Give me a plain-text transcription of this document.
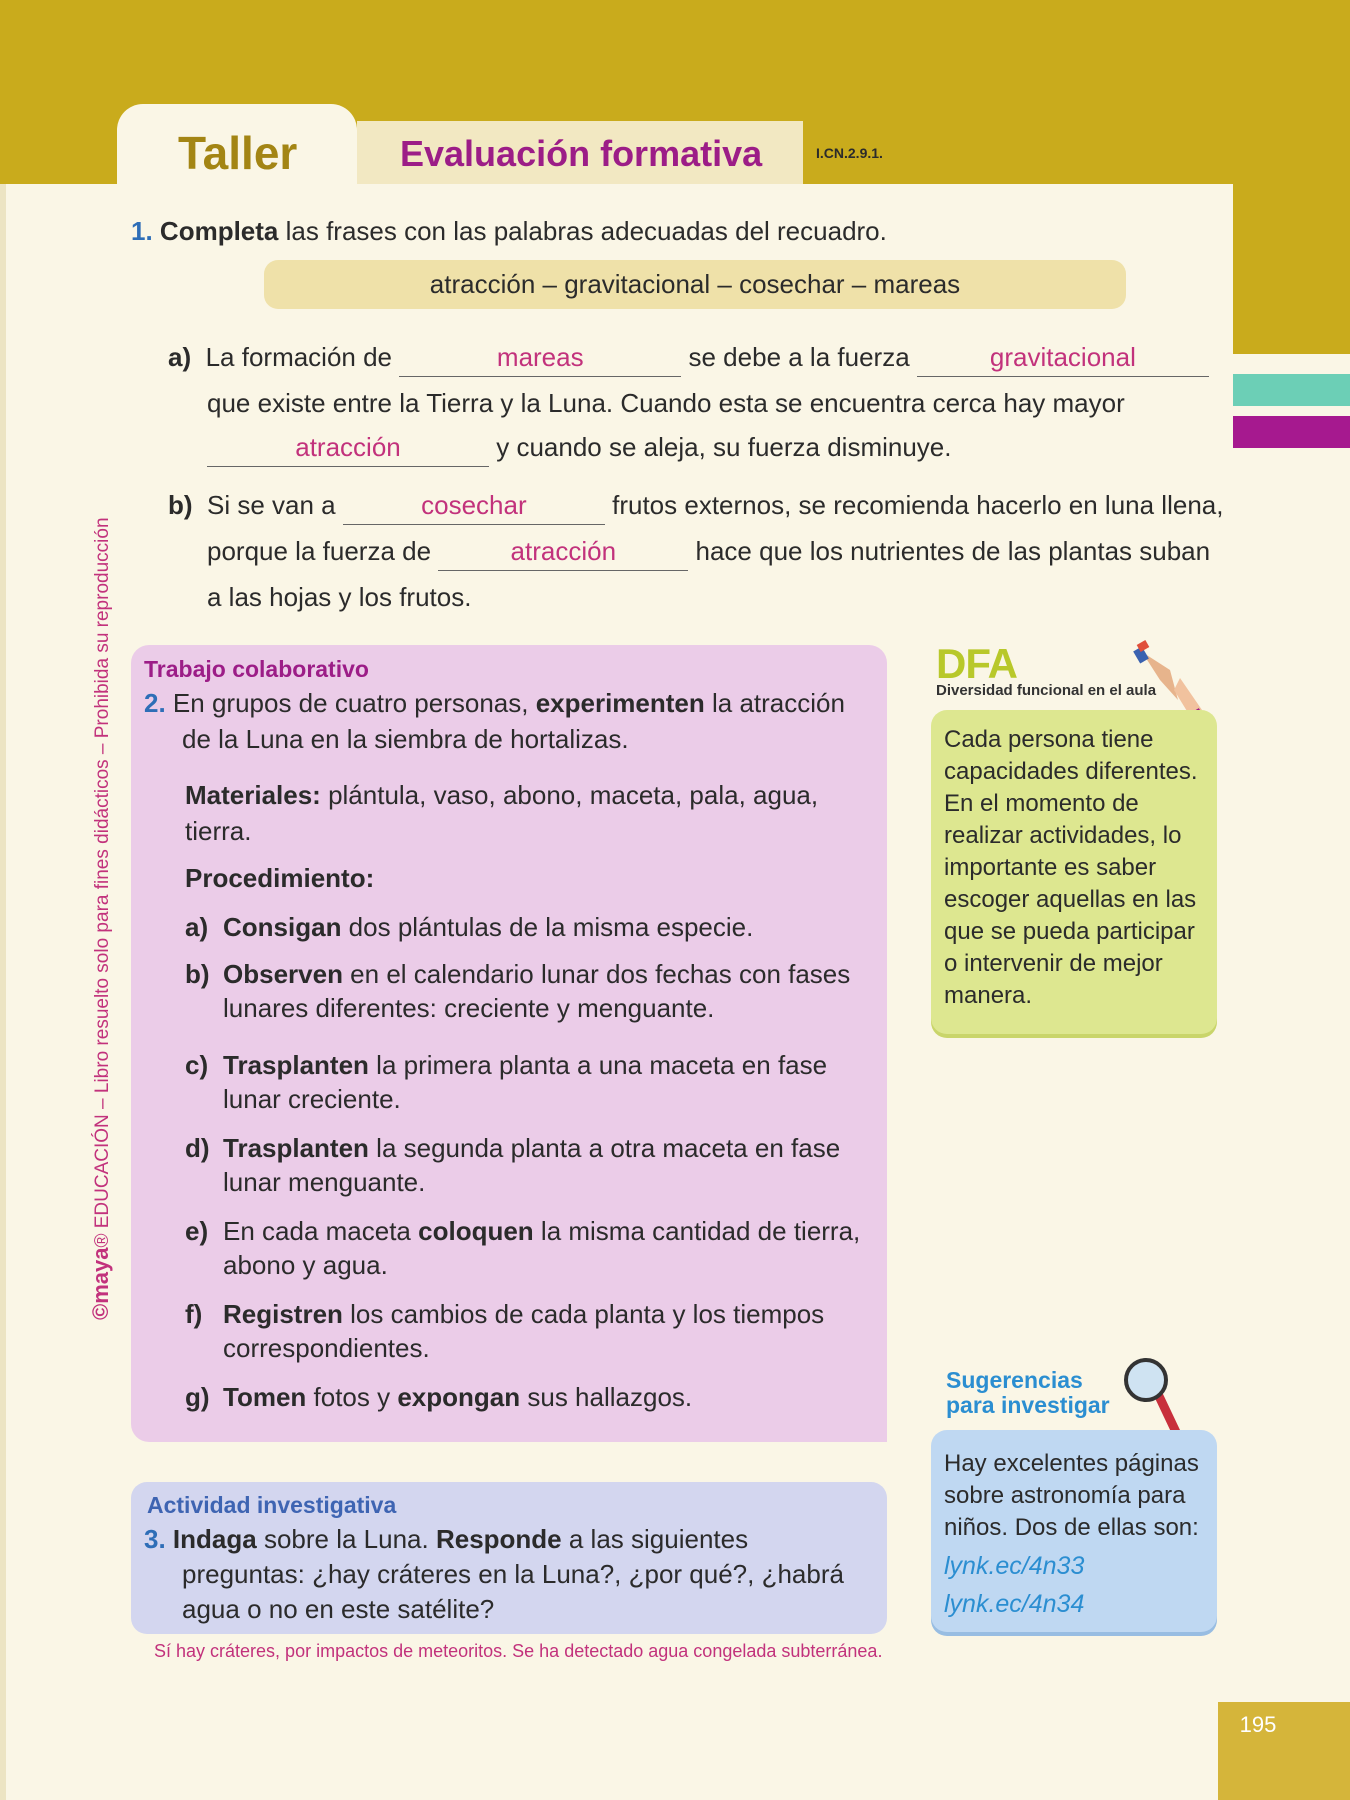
Taller	Evaluación formativa	I.CN.2.9.1.
©maya® EDUCACIÓN – Libro resuelto solo para fines didácticos – Prohibida su reproducción
1. Completa las frases con las palabras adecuadas del recuadro.
atracción – gravitacional – cosechar – mareas
a) La formación de	mareas	se debe a la fuerza	gravitacional
que existe entre la Tierra y la Luna. Cuando esta se encuentra cerca hay mayor
atracción	y cuando se aleja, su fuerza disminuye.
b) Si se van a	cosechar	frutos externos, se recomienda hacerlo en luna llena,
porque la fuerza de	atracción	hace que los nutrientes de las plantas suban
a las hojas y los frutos.
Trabajo colaborativo
2. En grupos de cuatro personas, experimenten la atracción
de la Luna en la siembra de hortalizas.
Materiales: plántula, vaso, abono, maceta, pala, agua,
tierra.
Procedimiento:
a) Consigan dos plántulas de la misma especie.
b) Observen en el calendario lunar dos fechas con fases
lunares diferentes: creciente y menguante.
c) Trasplanten la primera planta a una maceta en fase
lunar creciente.
d) Trasplanten la segunda planta a otra maceta en fase
lunar menguante.
e) En cada maceta coloquen la misma cantidad de tierra,
abono y agua.
f) Registren los cambios de cada planta y los tiempos
correspondientes.
g) Tomen fotos y expongan sus hallazgos.
Actividad investigativa
3. Indaga sobre la Luna. Responde a las siguientes
preguntas: ¿hay cráteres en la Luna?, ¿por qué?, ¿habrá
agua o no en este satélite?
Sí hay cráteres, por impactos de meteoritos. Se ha detectado agua congelada subterránea.
DFA
Diversidad funcional en el aula
Cada persona tiene
capacidades diferentes.
En el momento de
realizar actividades, lo
importante es saber
escoger aquellas en las
que se pueda participar
o intervenir de mejor
manera.
Sugerencias
para investigar
Hay excelentes páginas
sobre astronomía para
niños. Dos de ellas son:
lynk.ec/4n33
lynk.ec/4n34
195
